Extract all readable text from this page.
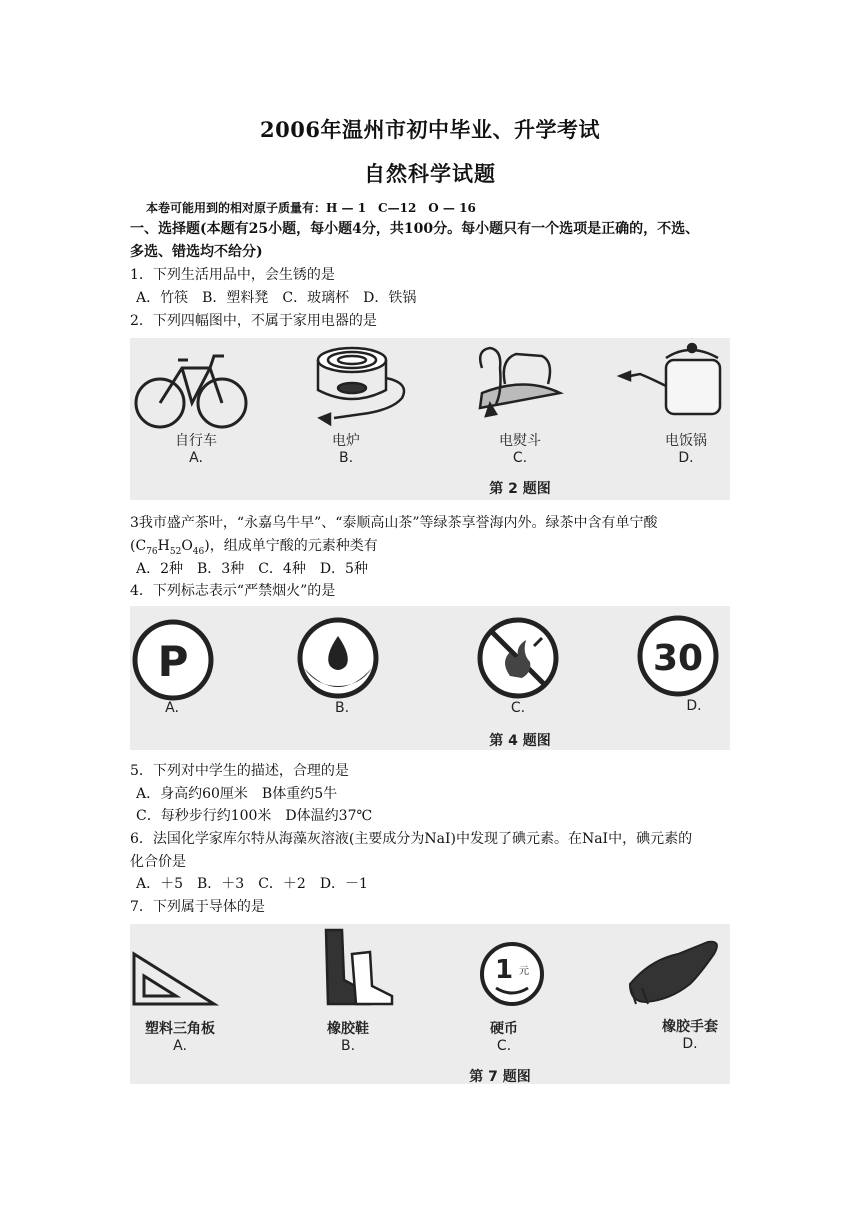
2006年温州市初中毕业、升学考试
自然科学试题
本卷可能用到的相对原子质量有：H — 1　C—12　O — 16
一、选择题(本题有25小题，每小题4分，共100分。每小题只有一个选项是正确的，不选、
多选、错选均不给分)
1．下列生活用品中，会生锈的是
A．竹筷　B．塑料凳　C．玻璃杯　D．铁锅
2．下列四幅图中，不属于家用电器的是
自行车
A.
电炉
B.
电熨斗
C.
电饭锅
D.
第 2 题图
3我市盛产茶叶，“永嘉乌牛早”、“泰顺高山茶”等绿茶享誉海内外。绿茶中含有单宁酸
$(C_{76}H_{52}O_{46})$，组成单宁酸的元素种类有
A．2种　B．3种　C．4种　D．5种
4．下列标志表示“严禁烟火”的是
P	30
A.	B.	C.	D.
第 4 题图
5．下列对中学生的描述，合理的是
A．身高约60厘米　B体重约5牛
C．每秒步行约100米　D体温约37℃
6．法国化学家库尔特从海藻灰溶液(主要成分为NaI)中发现了碘元素。在NaI中，碘元素的
化合价是
A．＋5　B．＋3　C．＋2　D．－1
7．下列属于导体的是
1 元
塑料三角板
A.
橡胶鞋
B.
硬币
C.
橡胶手套
D.
第 7 题图
